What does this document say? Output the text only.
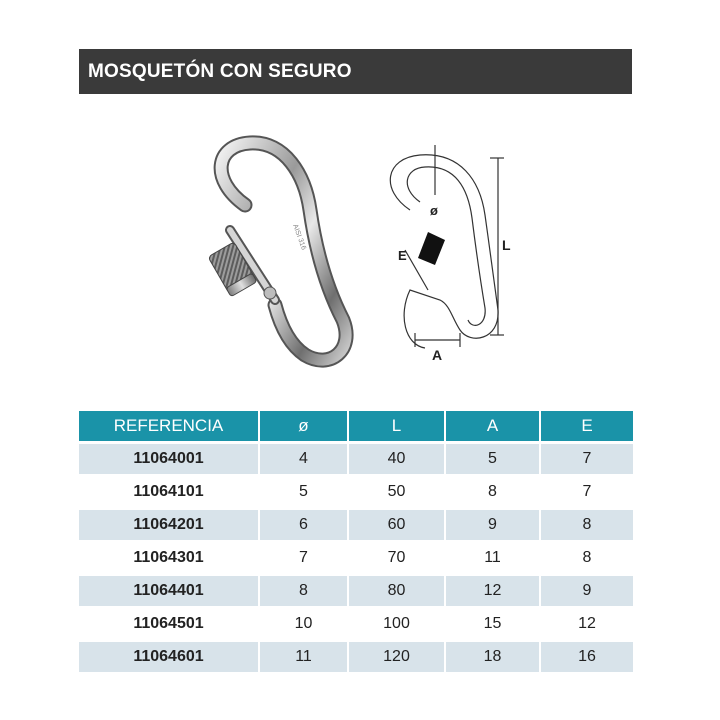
MOSQUETÓN CON SEGURO
AISI 316
ø
L
A
E
REFERENCIA	ø	L	A	E
11064001	4	40	5	7
11064101	5	50	8	7
11064201	6	60	9	8
11064301	7	70	11	8
11064401	8	80	12	9
11064501	10	100	15	12
11064601	11	120	18	16
